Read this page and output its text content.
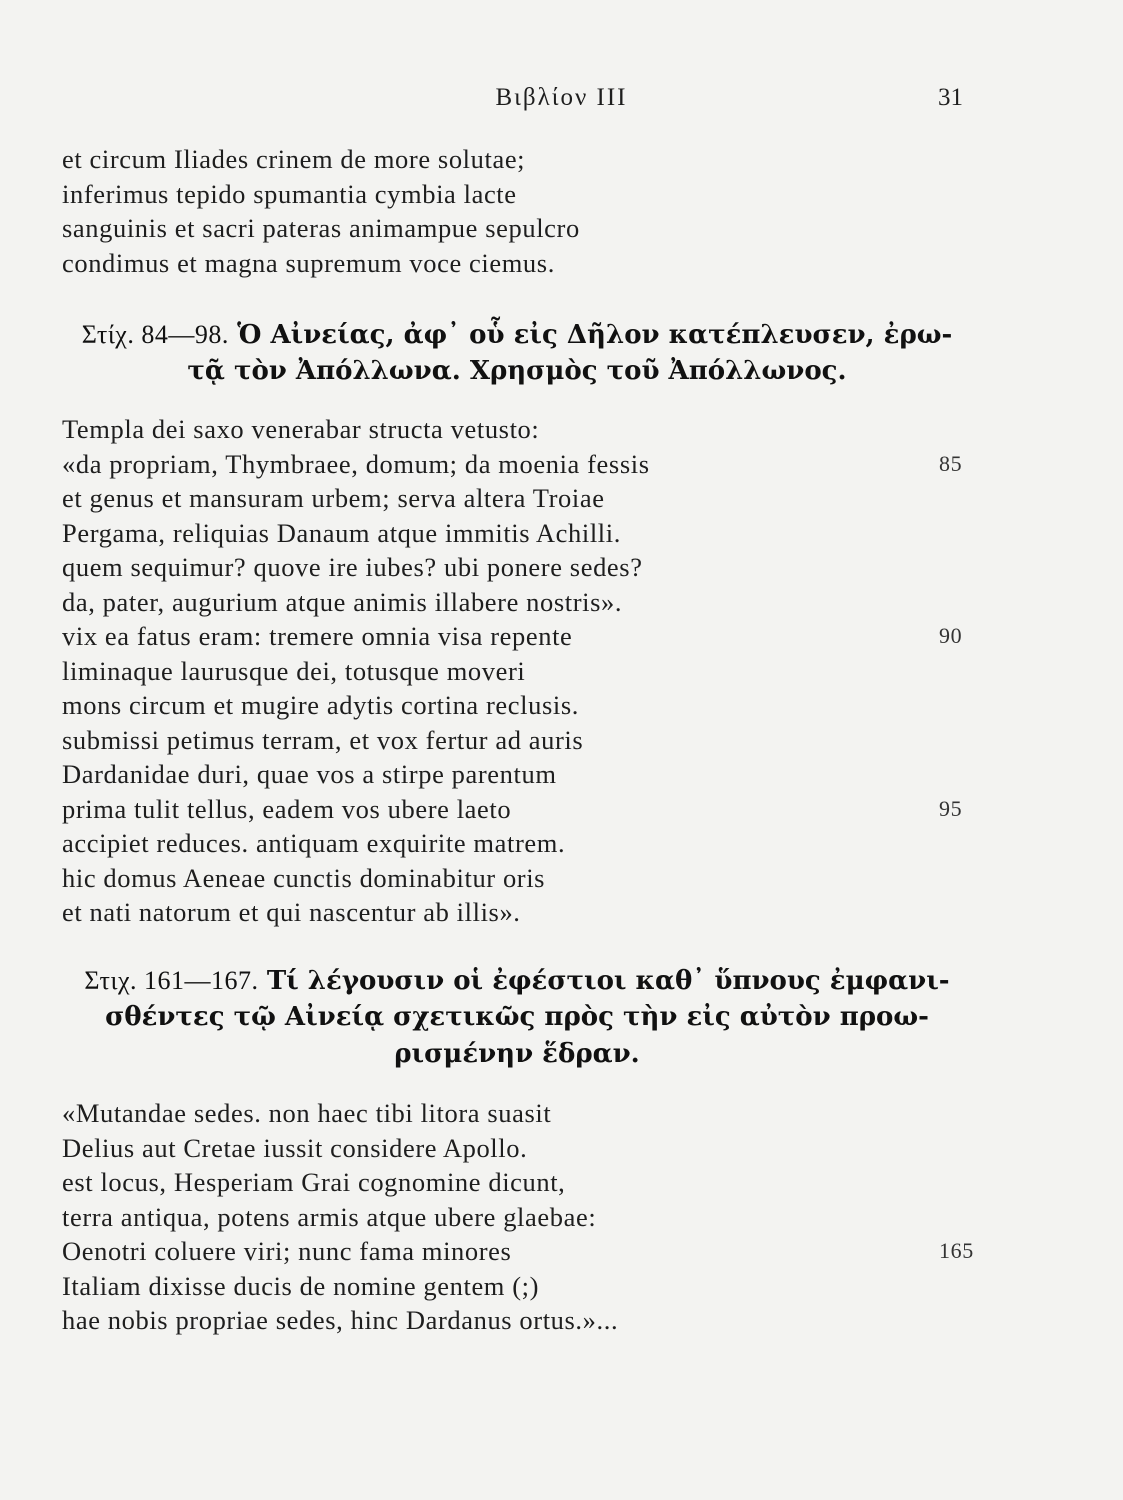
Βιβλίον III	31
et circum Iliades crinem de more solutae;
inferimus tepido spumantia cymbia lacte
sanguinis et sacri pateras animampue sepulcro
condimus et magna supremum voce ciemus.
Στίχ. 84—98. Ὁ Αἰνείας, ἀφ᾽ οὗ εἰς Δῆλον κατέπλευσεν, ἐρω-
τᾷ τὸν Ἀπόλλωνα. Χρησμὸς τοῦ Ἀπόλλωνος.
Templa dei saxo venerabar structa vetusto:
«da propriam, Thymbraee, domum; da moenia fessis	85
et genus et mansuram urbem; serva altera Troiae
Pergama, reliquias Danaum atque immitis Achilli.
quem sequimur? quove ire iubes? ubi ponere sedes?
da, pater, augurium atque animis illabere nostris».
vix ea fatus eram: tremere omnia visa repente	90
liminaque laurusque dei, totusque moveri
mons circum et mugire adytis cortina reclusis.
submissi petimus terram, et vox fertur ad auris
Dardanidae duri, quae vos a stirpe parentum
prima tulit tellus, eadem vos ubere laeto	95
accipiet reduces. antiquam exquirite matrem.
hic domus Aeneae cunctis dominabitur oris
et nati natorum et qui nascentur ab illis».
Στιχ. 161—167. Τί λέγουσιν οἱ ἐφέστιοι καθ᾽ ὕπνους ἐμφανι-
σθέντες τῷ Αἰνείᾳ σχετικῶς πρὸς τὴν εἰς αὐτὸν προω-
ρισμένην ἕδραν.
«Mutandae sedes. non haec tibi litora suasit
Delius aut Cretae iussit considere Apollo.
est locus, Hesperiam Grai cognomine dicunt,
terra antiqua, potens armis atque ubere glaebae:
Oenotri coluere viri; nunc fama minores	165
Italiam dixisse ducis de nomine gentem (;)
hae nobis propriae sedes, hinc Dardanus ortus.»...
